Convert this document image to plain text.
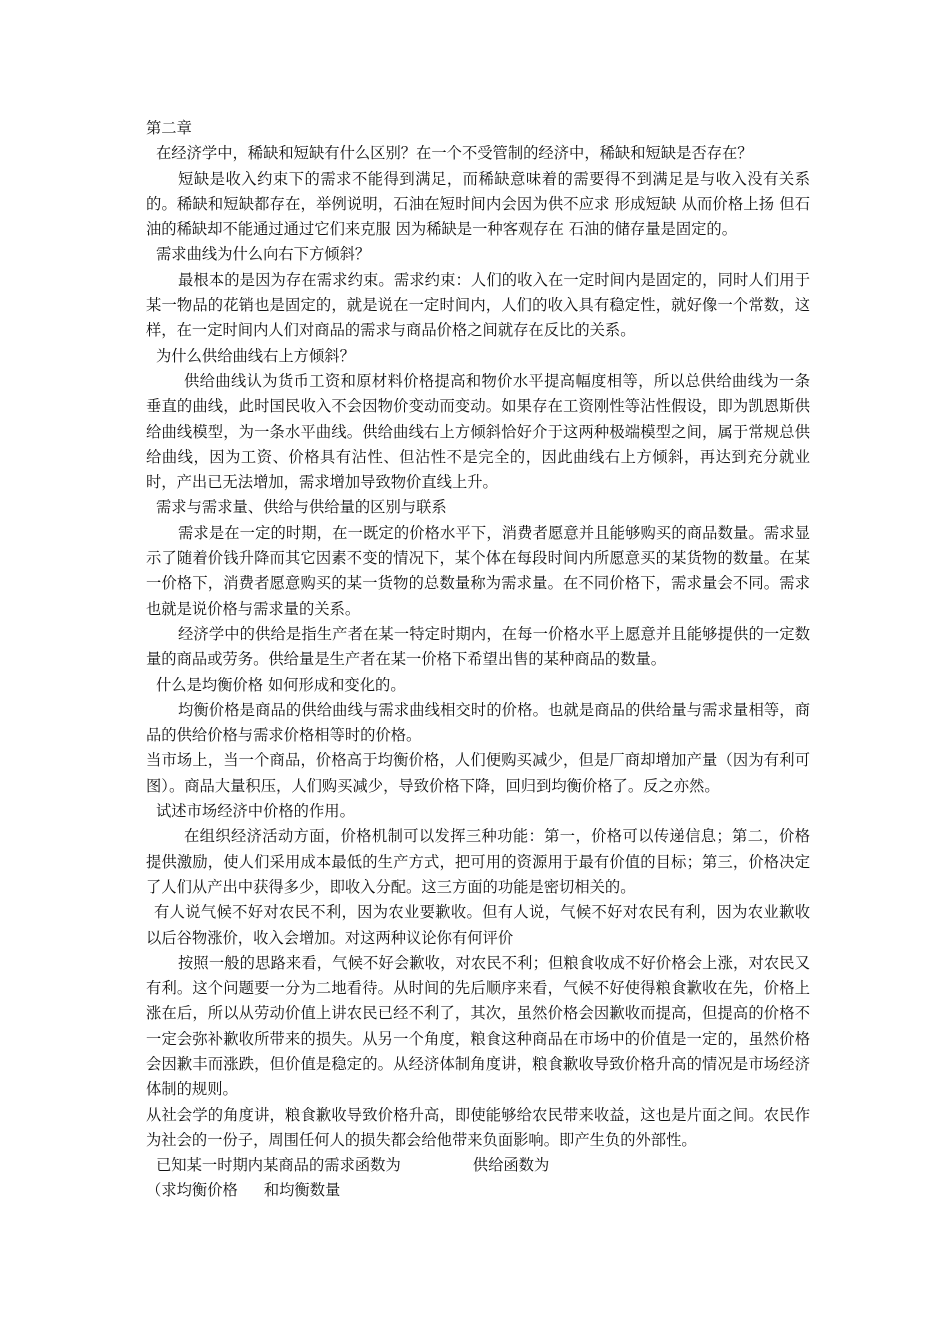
第二章

在经济学中，稀缺和短缺有什么区别？在一个不受管制的经济中，稀缺和短缺是否存在？

短缺是收入约束下的需求不能得到满足，而稀缺意味着的需要得不到满足是与收入没有关系的。稀缺和短缺都存在，举例说明，石油在短时间内会因为供不应求 形成短缺 从而价格上扬 但石油的稀缺却不能通过通过它们来克服 因为稀缺是一种客观存在 石油的储存量是固定的。

需求曲线为什么向右下方倾斜？

最根本的是因为存在需求约束。需求约束：人们的收入在一定时间内是固定的，同时人们用于某一物品的花销也是固定的，就是说在一定时间内，人们的收入具有稳定性，就好像一个常数，这样，在一定时间内人们对商品的需求与商品价格之间就存在反比的关系。

为什么供给曲线右上方倾斜？

供给曲线认为货币工资和原材料价格提高和物价水平提高幅度相等，所以总供给曲线为一条垂直的曲线，此时国民收入不会因物价变动而变动。如果存在工资刚性等沾性假设，即为凯恩斯供给曲线模型，为一条水平曲线。供给曲线右上方倾斜恰好介于这两种极端模型之间，属于常规总供给曲线，因为工资、价格具有沾性、但沾性不是完全的，因此曲线右上方倾斜，再达到充分就业时，产出已无法增加，需求增加导致物价直线上升。

需求与需求量、供给与供给量的区别与联系

需求是在一定的时期，在一既定的价格水平下，消费者愿意并且能够购买的商品数量。需求显示了随着价钱升降而其它因素不变的情况下，某个体在每段时间内所愿意买的某货物的数量。在某一价格下，消费者愿意购买的某一货物的总数量称为需求量。在不同价格下，需求量会不同。需求也就是说价格与需求量的关系。

经济学中的供给是指生产者在某一特定时期内，在每一价格水平上愿意并且能够提供的一定数量的商品或劳务。供给量是生产者在某一价格下希望出售的某种商品的数量。

什么是均衡价格 如何形成和变化的。

均衡价格是商品的供给曲线与需求曲线相交时的价格。也就是商品的供给量与需求量相等，商品的供给价格与需求价格相等时的价格。

当市场上，当一个商品，价格高于均衡价格，人们便购买减少，但是厂商却增加产量（因为有利可图）。商品大量积压，人们购买减少，导致价格下降，回归到均衡价格了。反之亦然。

试述市场经济中价格的作用。

在组织经济活动方面，价格机制可以发挥三种功能：第一，价格可以传递信息；第二，价格提供激励，使人们采用成本最低的生产方式，把可用的资源用于最有价值的目标；第三，价格决定了人们从产出中获得多少，即收入分配。这三方面的功能是密切相关的。

有人说气候不好对农民不利，因为农业要歉收。但有人说，气候不好对农民有利，因为农业歉收以后谷物涨价，收入会增加。对这两种议论你有何评价

按照一般的思路来看，气候不好会歉收，对农民不利；但粮食收成不好价格会上涨，对农民又有利。这个问题要一分为二地看待。从时间的先后顺序来看，气候不好使得粮食歉收在先，价格上涨在后，所以从劳动价值上讲农民已经不利了，其次，虽然价格会因歉收而提高，但提高的价格不一定会弥补歉收所带来的损失。从另一个角度，粮食这种商品在市场中的价值是一定的，虽然价格会因歉丰而涨跌，但价值是稳定的。从经济体制角度讲，粮食歉收导致价格升高的情况是市场经济体制的规则。

从社会学的角度讲，粮食歉收导致价格升高，即使能够给农民带来收益，这也是片面之间。农民作为社会的一份子，周围任何人的损失都会给他带来负面影响。即产生负的外部性。

已知某一时期内某商品的需求函数为	供给函数为

（求均衡价格 和均衡数量
